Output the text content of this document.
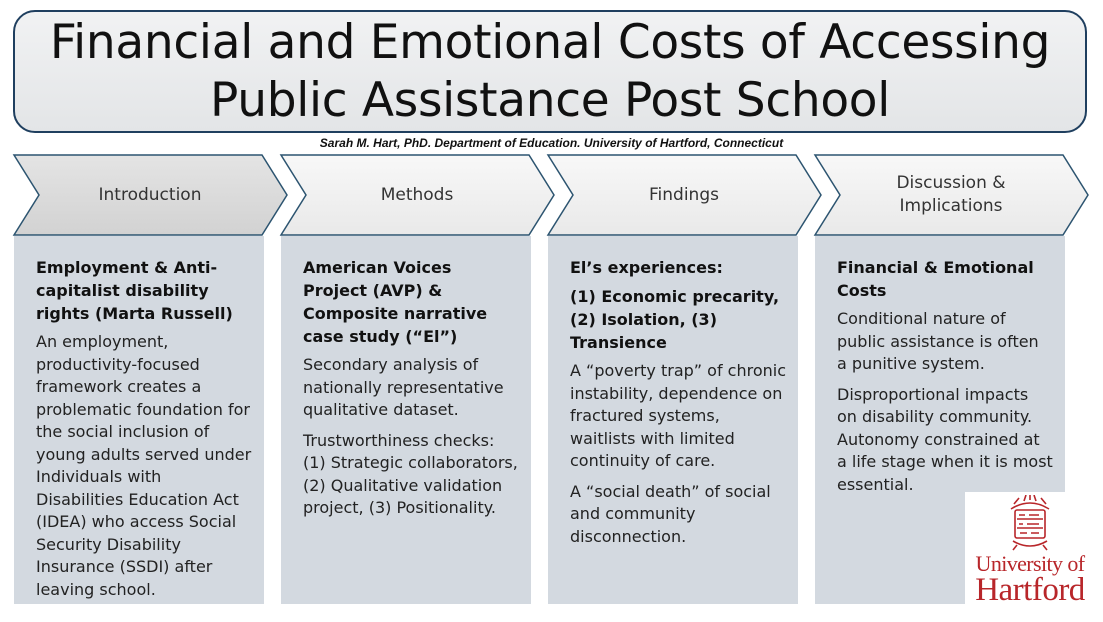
Financial and Emotional Costs of Accessing
Public Assistance Post School
Sarah M. Hart, PhD. Department of Education. University of Hartford, Connecticut
Introduction	Methods	Findings
Discussion &
Implications
Employment & Anti-capitalist disability rights (Marta Russell)
An employment, productivity-focused framework creates a problematic foundation for the social inclusion of young adults served under Individuals with Disabilities Education Act (IDEA) who access Social Security Disability Insurance (SSDI) after leaving school.
American Voices Project (AVP) & Composite narrative case study (“El”)
Secondary analysis of nationally representative qualitative dataset.
Trustworthiness checks: (1) Strategic collaborators, (2) Qualitative validation project, (3) Positionality.
El’s experiences:
(1) Economic precarity, (2) Isolation, (3) Transience
A “poverty trap” of chronic instability, dependence on fractured systems, waitlists with limited continuity of care.
A “social death” of social and community disconnection.
Financial & Emotional Costs
Conditional nature of public assistance is often a punitive system.
Disproportional impacts on disability community. Autonomy constrained at a life stage when it is most essential.
University of
Hartford
